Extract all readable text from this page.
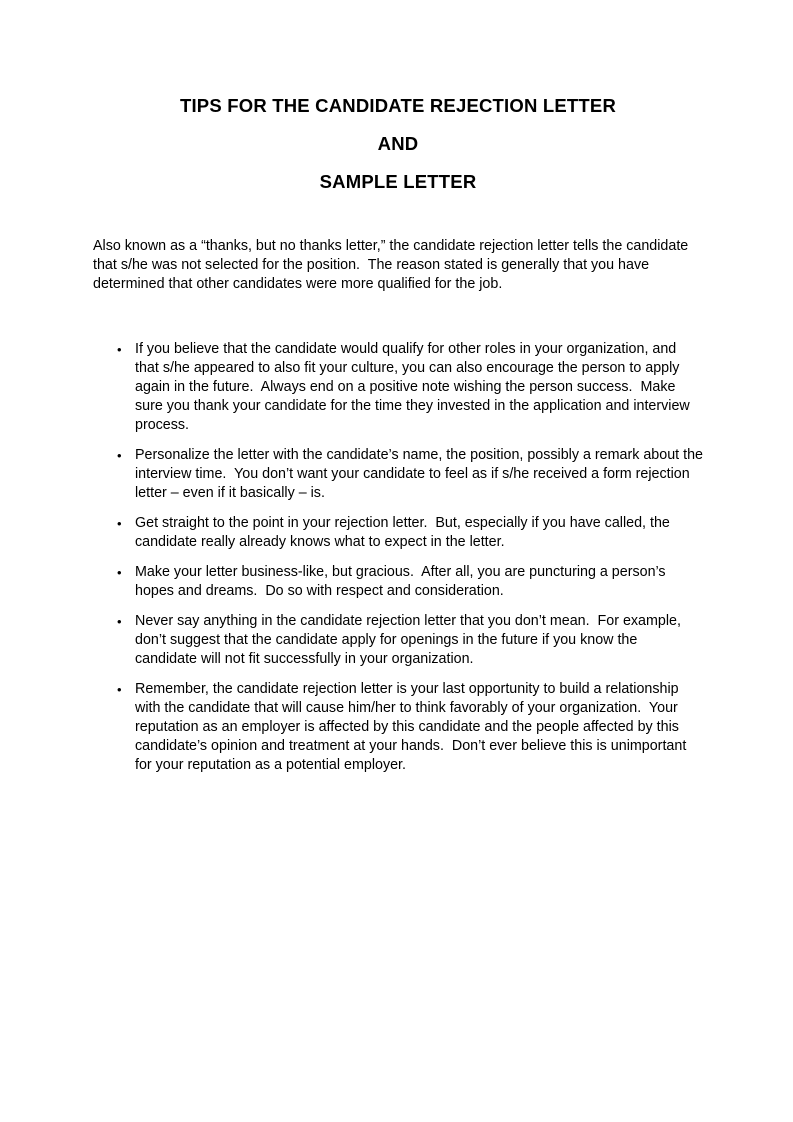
TIPS FOR THE CANDIDATE REJECTION LETTER
AND
SAMPLE LETTER

Also known as a “thanks, but no thanks letter,” the candidate rejection letter tells the candidate that s/he was not selected for the position.  The reason stated is generally that you have determined that other candidates were more qualified for the job.

• If you believe that the candidate would qualify for other roles in your organization, and that s/he appeared to also fit your culture, you can also encourage the person to apply again in the future.  Always end on a positive note wishing the person success.  Make sure you thank your candidate for the time they invested in the application and interview process.
• Personalize the letter with the candidate’s name, the position, possibly a remark about the interview time.  You don’t want your candidate to feel as if s/he received a form rejection letter – even if it basically – is.
• Get straight to the point in your rejection letter.  But, especially if you have called, the candidate really already knows what to expect in the letter.
• Make your letter business-like, but gracious.  After all, you are puncturing a person’s hopes and dreams.  Do so with respect and consideration.
• Never say anything in the candidate rejection letter that you don’t mean.  For example, don’t suggest that the candidate apply for openings in the future if you know the candidate will not fit successfully in your organization.
• Remember, the candidate rejection letter is your last opportunity to build a relationship with the candidate that will cause him/her to think favorably of your organization.  Your reputation as an employer is affected by this candidate and the people affected by this candidate’s opinion and treatment at your hands.  Don’t ever believe this is unimportant for your reputation as a potential employer.
